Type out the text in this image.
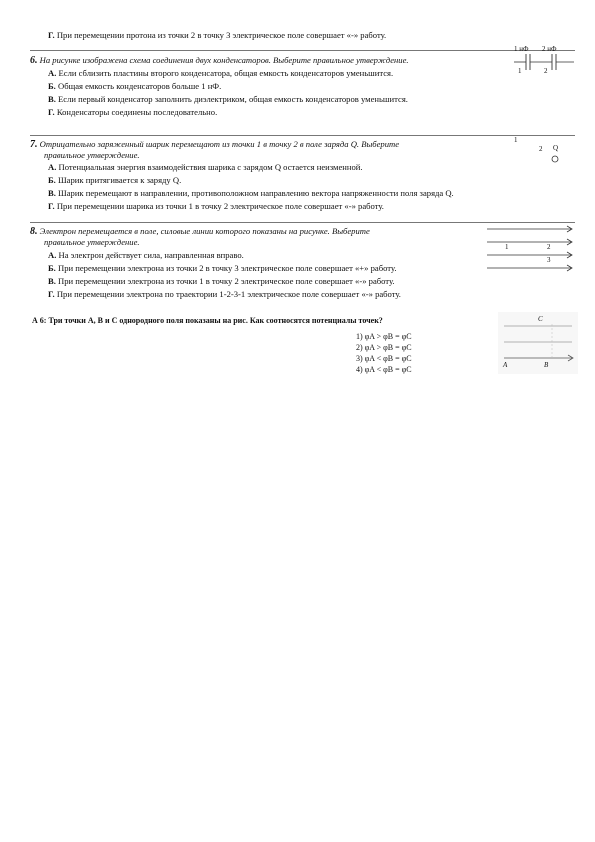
Г. При перемещении протона из точки 2 в точку 3 электрическое поле совершает «-» работу.
6. На рисунке изображена схема соединения двух конденсаторов. Выберите правильное утверждение.
А. Если сблизить пластины второго конденсатора, общая емкость конденсаторов уменьшится.
Б. Общая емкость конденсаторов больше 1 нФ.
В. Если первый конденсатор заполнить диэлектриком, общая емкость конденсаторов уменьшится.
Г. Конденсаторы соединены последовательно.
1 нФ 2 нФ
1	2
7. Отрицательно заряженный шарик перемещают из точки 1 в точку 2 в поле заряда Q. Выберите
правильное утверждение.
А. Потенциальная энергия взаимодействия шарика с зарядом Q остается неизменной.
Б. Шарик притягивается к заряду Q.
В. Шарик перемещают в направлении, противоположном направлению вектора напряженности поля заряда Q.
Г. При перемещении шарика из точки 1 в точку 2 электрическое поле совершает «-» работу.
1
2 Q
8. Электрон перемещается в поле, силовые линии которого показаны на рисунке. Выберите
правильное утверждение.
А. На электрон действует сила, направленная вправо.
Б. При перемещении электрона из точки 2 в точку 3 электрическое поле совершает «+» работу.
В. При перемещении электрона из точки 1 в точку 2 электрическое поле совершает «-» работу.
Г. При перемещении электрона по траектории 1-2-3-1 электрическое поле совершает «-» работу.
1	2
3
А 6: Три точки А, В и С однородного поля показаны на рис. Как соотносятся потенциалы точек?
1) φA > φB = φC
2) φA > φB = φC
3) φA < φB = φC
4) φA < φB = φC
C
A	B
